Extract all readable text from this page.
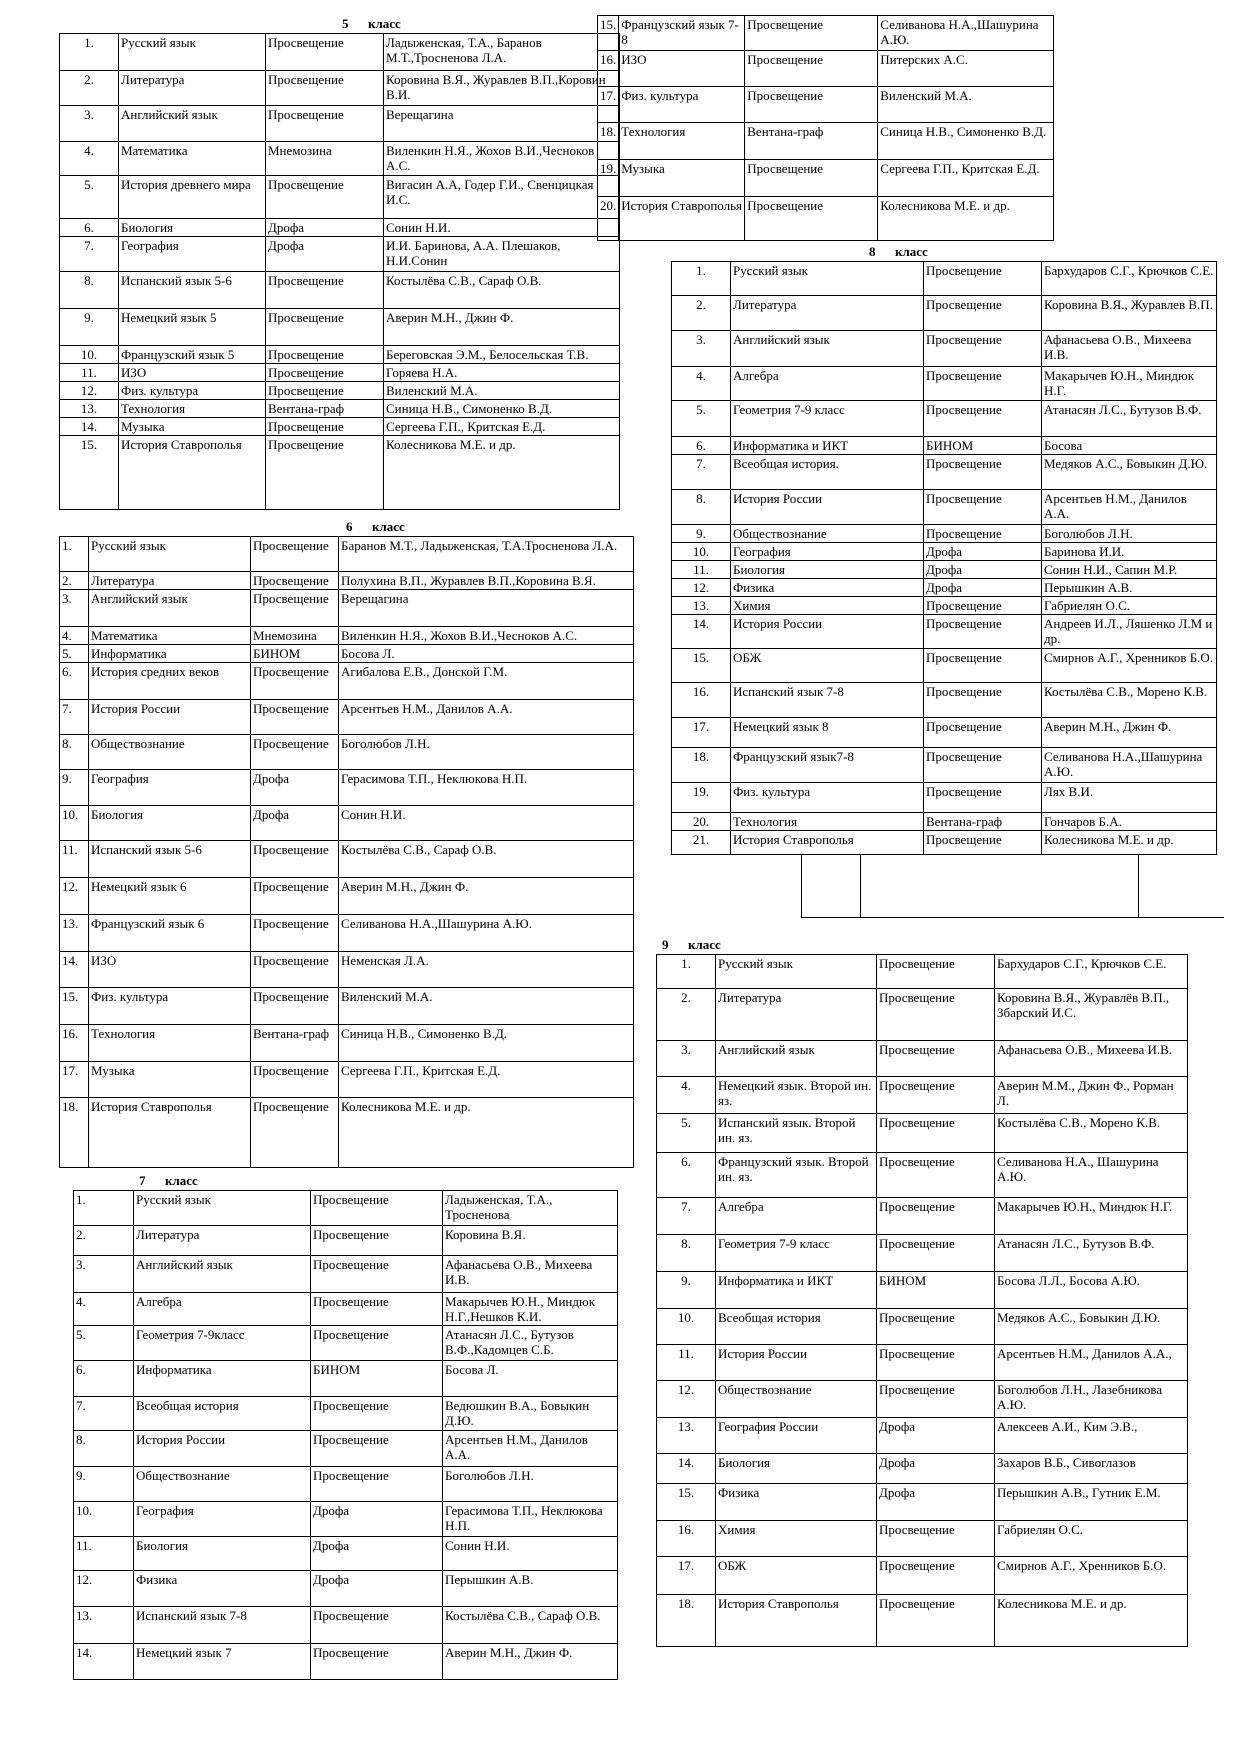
5      класс
1.	Русский язык	Просвещение	Ладыженская, Т.А., Баранов М.Т.,Тросненова Л.А.
2.	Литература	Просвещение	Коровина В.Я., Журавлев В.П.,Коровин В.И.
3.	Английский язык	Просвещение	Верещагина
4.	Математика	Мнемозина	Виленкин Н.Я., Жохов В.И.,Чесноков А.С.
5.	История древнего мира	Просвещение	Вигасин А.А, Годер Г.И., Свенцицкая И.С.
6.	Биология	Дрофа	Сонин Н.И.
7.	География	Дрофа	И.И. Баринова, А.А. Плешаков, Н.И.Сонин
8.	Испанский язык 5-6	Просвещение	Костылёва С.В., Сараф О.В.
9.	Немецкий язык 5	Просвещение	Аверин М.Н., Джин Ф.
10.	Французский язык 5	Просвещение	Береговская Э.М., Белосельская Т.В.
11.	ИЗО	Просвещение	Горяева Н.А.
12.	Физ. культура	Просвещение	Виленский М.А.
13.	Технология	Вентана-граф	Синица Н.В., Симоненко В.Д.
14.	Музыка	Просвещение	Сергеева Г.П., Критская Е.Д.
15.	История Ставрополья	Просвещение	Колесникова М.Е. и др.
6      класс
1.	Русский язык	Просвещение	Баранов М.Т., Ладыженская, Т.А.Тросненова Л.А.
2.	Литература	Просвещение	Полухина В.П., Журавлев В.П.,Коровина В.Я.
3.	Английский язык	Просвещение	Верещагина
4.	Математика	Мнемозина	Виленкин Н.Я., Жохов В.И.,Чесноков А.С.
5.	Информатика	БИНОМ	Босова Л.
6.	История средних веков	Просвещение	Агибалова Е.В., Донской Г.М.
7.	История России	Просвещение	Арсентьев Н.М., Данилов А.А.
8.	Обществознание	Просвещение	Боголюбов Л.Н.
9.	География	Дрофа	Герасимова Т.П., Неклюкова Н.П.
10.	Биология	Дрофа	Сонин Н.И.
11.	Испанский язык 5-6	Просвещение	Костылёва С.В., Сараф О.В.
12.	Немецкий язык 6	Просвещение	Аверин М.Н., Джин Ф.
13.	Французский язык 6	Просвещение	Селиванова Н.А.,Шашурина А.Ю.
14.	ИЗО	Просвещение	Неменская Л.А.
15.	Физ. культура	Просвещение	Виленский М.А.
16.	Технология	Вентана-граф	Синица Н.В., Симоненко В.Д.
17.	Музыка	Просвещение	Сергеева Г.П., Критская Е.Д.
18.	История Ставрополья	Просвещение	Колесникова М.Е. и др.
7      класс
1.	Русский язык	Просвещение	Ладыженская, Т.А., Тросненова
2.	Литература	Просвещение	Коровина В.Я.
3.	Английский язык	Просвещение	Афанасьева О.В., Михеева И.В.
4.	Алгебра	Просвещение	Макарычев Ю.Н., Миндюк Н.Г.,Нешков К.И.
5.	Геометрия 7-9класс	Просвещение	Атанасян Л.С., Бутузов В.Ф.,Кадомцев С.Б.
6.	Информатика	БИНОМ	Босова Л.
7.	Всеобщая история	Просвещение	Ведюшкин В.А., Бовыкин Д.Ю.
8.	История России	Просвещение	Арсентьев Н.М., Данилов А.А.
9.	Обществознание	Просвещение	Боголюбов Л.Н.
10.	География	Дрофа	Герасимова Т.П., Неклюкова Н.П.
11.	Биология	Дрофа	Сонин Н.И.
12.	Физика	Дрофа	Перышкин А.В.
13.	Испанский язык 7-8	Просвещение	Костылёва С.В., Сараф О.В.
14.	Немецкий язык 7	Просвещение	Аверин М.Н., Джин Ф.
15.	Французский язык 7-8	Просвещение	Селиванова Н.А.,Шашурина А.Ю.
16.	ИЗО	Просвещение	Питерских А.С.
17.	Физ. культура	Просвещение	Виленский М.А.
18.	Технология	Вентана-граф	Синица Н.В., Симоненко В.Д.
19.	Музыка	Просвещение	Сергеева Г.П., Критская Е.Д.
20.	История Ставрополья	Просвещение	Колесникова М.Е. и др.
8      класс
1.	Русский язык	Просвещение	Бархударов С.Г., Крючков С.Е.
2.	Литература	Просвещение	Коровина В.Я., Журавлев В.П.
3.	Английский язык	Просвещение	Афанасьева О.В., Михеева И.В.
4.	Алгебра	Просвещение	Макарычев Ю.Н., Миндюк Н.Г.
5.	Геометрия 7-9 класс	Просвещение	Атанасян Л.С., Бутузов В.Ф.
6.	Информатика и ИКТ	БИНОМ	Босова
7.	Всеобщая история.	Просвещение	Медяков А.С., Бовыкин Д.Ю.
8.	История России	Просвещение	Арсентьев Н.М., Данилов А.А.
9.	Обществознание	Просвещение	Боголюбов Л.Н.
10.	География	Дрофа	Баринова И.И.
11.	Биология	Дрофа	Сонин Н.И., Сапин М.Р.
12.	Физика	Дрофа	Перышкин А.В.
13.	Химия	Просвещение	Габриелян О.С.
14.	История России	Просвещение	Андреев И.Л., Ляшенко Л.М и др.
15.	ОБЖ	Просвещение	Смирнов А.Г., Хренников Б.О.
16.	Испанский язык 7-8	Просвещение	Костылёва С.В., Морено К.В.
17.	Немецкий язык 8	Просвещение	Аверин М.Н., Джин Ф.
18.	Французский язык7-8	Просвещение	Селиванова Н.А.,Шашурина А.Ю.
19.	Физ. культура	Просвещение	Лях В.И.
20.	Технология	Вентана-граф	Гончаров Б.А.
21.	История Ставрополья	Просвещение	Колесникова М.Е. и др.

9      класс
1.	Русский язык	Просвещение	Бархударов С.Г., Крючков С.Е.
2.	Литература	Просвещение	Коровина В.Я., Журавлёв В.П., Збарский И.С.
3.	Английский язык	Просвещение	Афанасьева О.В., Михеева И.В.
4.	Немецкий язык. Второй ин. яз.	Просвещение	Аверин М.М., Джин Ф., Рорман Л.
5.	Испанский язык. Второй ин. яз.	Просвещение	Костылёва С.В., Морено К.В.
6.	Французский язык. Второй ин. яз.	Просвещение	Селиванова Н.А., Шашурина А.Ю.
7.	Алгебра	Просвещение	Макарычев Ю.Н., Миндюк Н.Г.
8.	Геометрия 7-9 класс	Просвещение	Атанасян Л.С., Бутузов В.Ф.
9.	Информатика и ИКТ	БИНОМ	Босова Л.Л., Босова А.Ю.
10.	Всеобщая история	Просвещение	Медяков А.С., Бовыкин Д.Ю.
11.	История России	Просвещение	Арсентьев Н.М., Данилов А.А.,
12.	Обществознание	Просвещение	Боголюбов Л.Н., Лазебникова А.Ю.
13.	География России	Дрофа	Алексеев А.И., Ким Э.В.,
14.	Биология	Дрофа	Захаров В.Б., Сивоглазов
15.	Физика	Дрофа	Перышкин А.В., Гутник Е.М.
16.	Химия	Просвещение	Габриелян О.С.
17.	ОБЖ	Просвещение	Смирнов А.Г., Хренников Б.О.
18.	История Ставрополья	Просвещение	Колесникова М.Е. и др.
